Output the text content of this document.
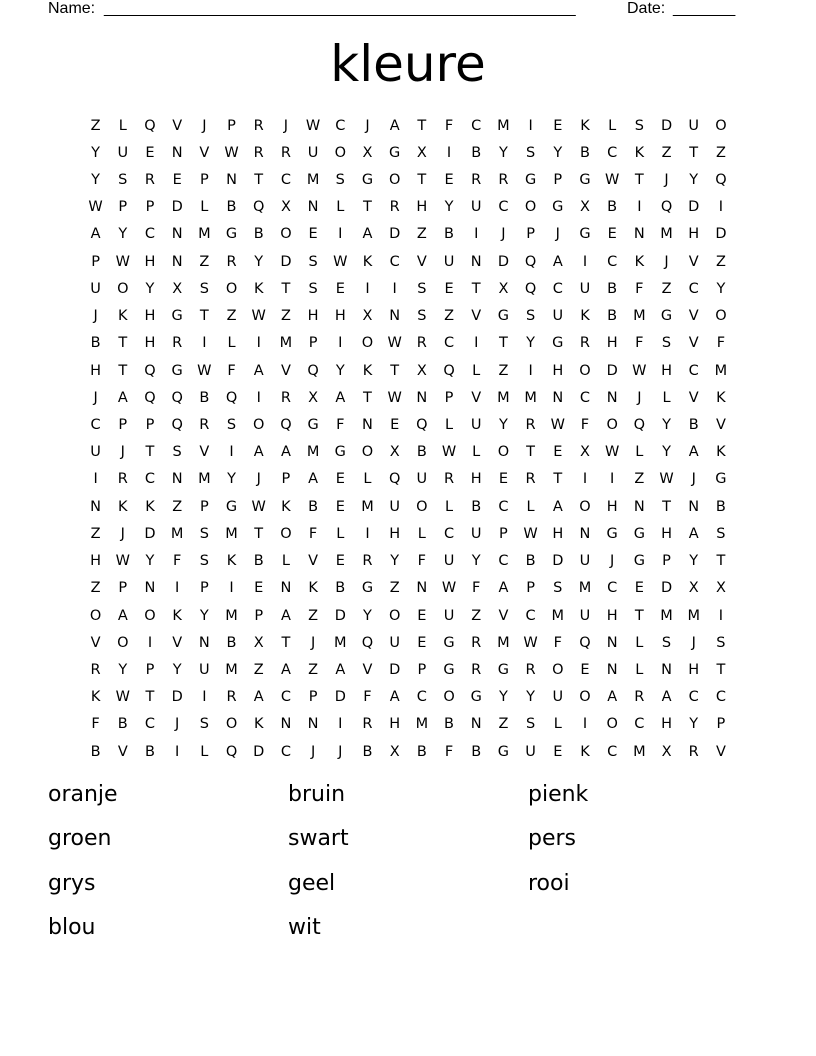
Name: _____________________________________________________	Date: _______
kleure
Z	L	Q	V	J	P	R	J	W	C	J	A	T	F	C	M	I	E	K	L	S	D	U	O
Y	U	E	N	V	W	R	R	U	O	X	G	X	I	B	Y	S	Y	B	C	K	Z	T	Z
Y	S	R	E	P	N	T	C	M	S	G	O	T	E	R	R	G	P	G W	T	J	Y	Q
W	P	P	D	L	B	Q	X	N	L	T	R	H	Y	U	C	O	G	X	B	I	Q	D	I
A	Y	C	N	M	G	B	O	E	I	A	D	Z	B	I	J	P	J	G	E	N	M	H	D
P	W	H	N	Z	R	Y	D	S	W	K	C	V	U	N	D	Q	A	I	C	K	J	V	Z
U	O	Y	X	S	O	K	T	S	E	I	I	S	E	T	X	Q	C	U	B	F	Z	C	Y
J	K	H	G	T	Z	W	Z	H	H	X	N	S	Z	V	G	S	U	K	B	M	G	V	O
B	T	H	R	I	L	I	M	P	I	O W	R	C	I	T	Y	G	R	H	F	S	V	F
H	T	Q	G W	F	A	V	Q	Y	K	T	X	Q	L	Z	I	H	O	D W	H	C	M
J	A	Q	Q	B	Q	I	R	X	A	T	W	N	P	V	M	M	N	C	N	J	L	V	K
C	P	P	Q	R	S	O	Q	G	F	N	E	Q	L	U	Y	R	W	F	O	Q	Y	B	V
U	J	T	S	V	I	A	A	M	G	O	X	B	W	L	O	T	E	X	W	L	Y	A	K
I	R	C	N	M	Y	J	P	A	E	L	Q	U	R	H	E	R	T	I	I	Z	W	J	G
N	K	K	Z	P	G W	K	B	E	M	U	O	L	B	C	L	A	O	H	N	T	N	B
Z	J	D	M	S	M	T	O	F	L	I	H	L	C	U	P	W	H	N	G	G	H	A	S
H	W	Y	F	S	K	B	L	V	E	R	Y	F	U	Y	C	B	D	U	J	G	P	Y	T
Z	P	N	I	P	I	E	N	K	B	G	Z	N	W	F	A	P	S	M	C	E	D	X	X
O	A	O	K	Y	M	P	A	Z	D	Y	O	E	U	Z	V	C	M	U	H	T	M	M	I
V	O	I	V	N	B	X	T	J	M	Q	U	E	G	R	M W	F	Q	N	L	S	J	S
R	Y	P	Y	U	M	Z	A	Z	A	V	D	P	G	R	G	R	O	E	N	L	N	H	T
K	W	T	D	I	R	A	C	P	D	F	A	C	O	G	Y	Y	U	O	A	R	A	C	C
F	B	C	J	S	O	K	N	N	I	R	H	M	B	N	Z	S	L	I	O	C	H	Y	P
B	V	B	I	L	Q	D	C	J	J	B	X	B	F	B	G	U	E	K	C	M	X	R	V
oranje	bruin	pienk
groen	swart	pers
grys	geel	rooi
blou	wit
